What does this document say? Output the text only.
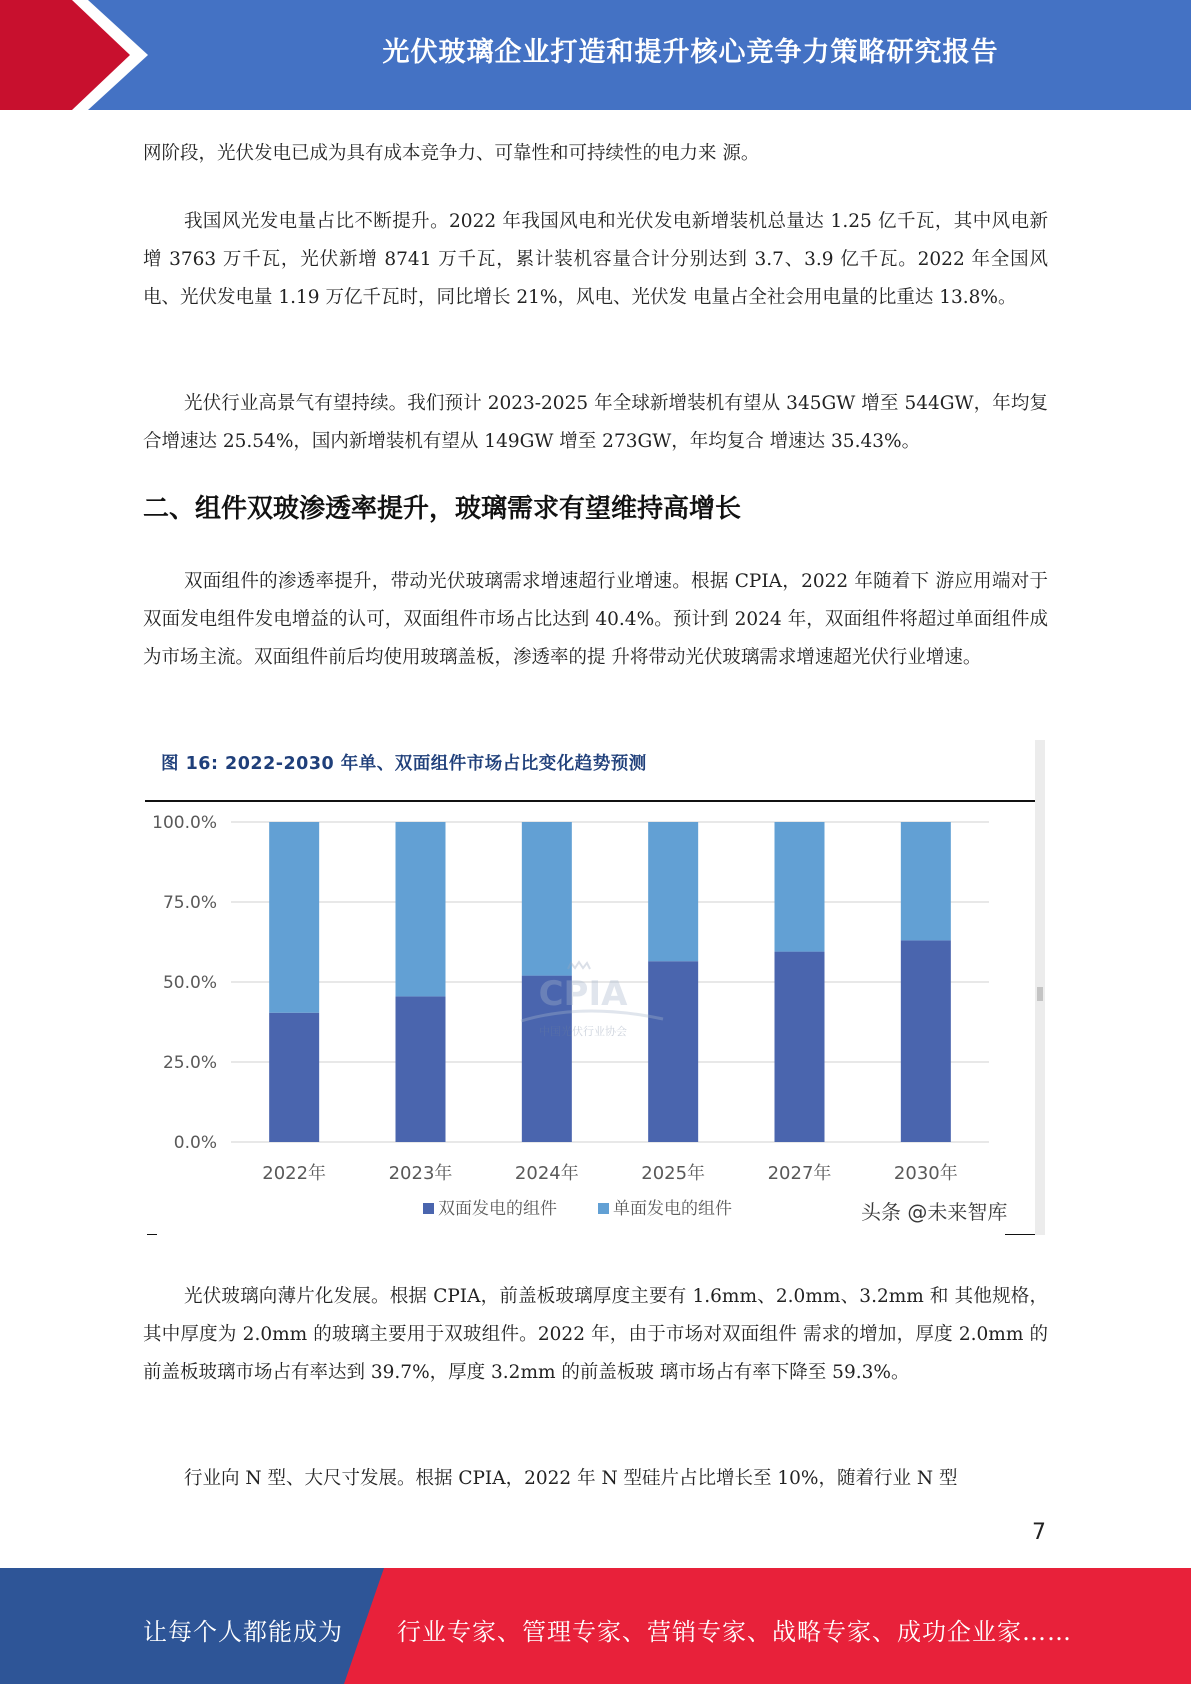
光伏玻璃企业打造和提升核心竞争力策略研究报告

网阶段，光伏发电已成为具有成本竞争力、可靠性和可持续性的电力来 源。

我国风光发电量占比不断提升。2022 年我国风电和光伏发电新增装机总量达 1.25 亿千瓦，其中风电新增 3763 万千瓦，光伏新增 8741 万千瓦，累计装机容量合计分别达到 3.7、3.9 亿千瓦。2022 年全国风电、光伏发电量 1.19 万亿千瓦时，同比增长 21%，风电、光伏发 电量占全社会用电量的比重达 13.8%。

光伏行业高景气有望持续。我们预计 2023-2025 年全球新增装机有望从 345GW 增至 544GW，年均复合增速达 25.54%，国内新增装机有望从 149GW 增至 273GW，年均复合 增速达 35.43%。

二、组件双玻渗透率提升，玻璃需求有望维持高增长

双面组件的渗透率提升，带动光伏玻璃需求增速超行业增速。根据 CPIA，2022 年随着下 游应用端对于双面发电组件发电增益的认可，双面组件市场占比达到 40.4%。预计到 2024 年，双面组件将超过单面组件成为市场主流。双面组件前后均使用玻璃盖板，渗透率的提 升将带动光伏玻璃需求增速超光伏行业增速。

图 16: 2022-2030 年单、双面组件市场占比变化趋势预测
CPIA
中国光伏行业协会
0.0%
25.0%
50.0%
75.0%
100.0%
2022年	2023年	2024年	2025年	2027年	2030年
双面发电的组件	单面发电的组件	头条 @未来智库

光伏玻璃向薄片化发展。根据 CPIA，前盖板玻璃厚度主要有 1.6mm、2.0mm、3.2mm 和 其他规格，其中厚度为 2.0mm 的玻璃主要用于双玻组件。2022 年，由于市场对双面组件 需求的增加，厚度 2.0mm 的前盖板玻璃市场占有率达到 39.7%，厚度 3.2mm 的前盖板玻 璃市场占有率下降至 59.3%。

行业向 N 型、大尺寸发展。根据 CPIA，2022 年 N 型硅片占比增长至 10%，随着行业 N 型

7
让每个人都能成为 行业专家、管理专家、营销专家、战略专家、成功企业家……
